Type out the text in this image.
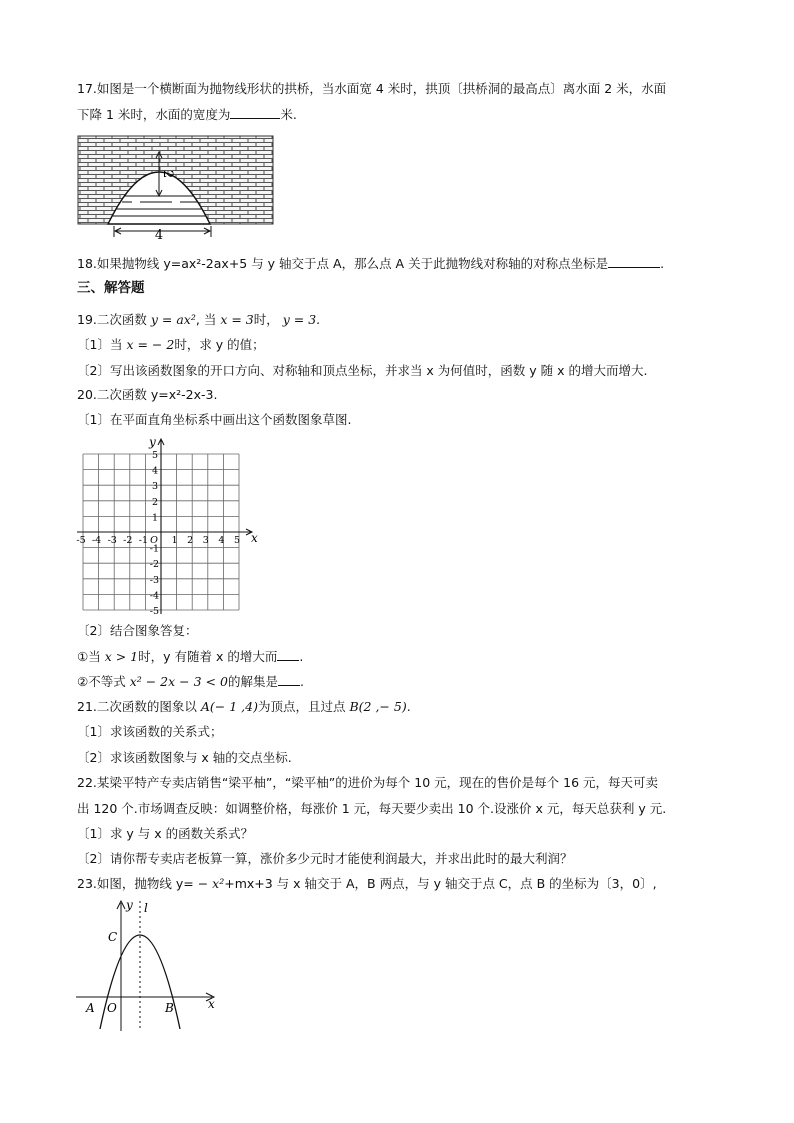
17.如图是一个横断面为抛物线形状的拱桥，当水面宽 4 米时，拱顶〔拱桥洞的最高点〕离水面 2 米，水面
下降 1 米时，水面的宽度为	米.
2
4
18.如果抛物线 y=ax²-2ax+5 与 y 轴交于点 A，那么点 A 关于此抛物线对称轴的对称点坐标是	.
三、解答题
19.二次函数 y = ax², 当 x = 3时， y = 3.
〔1〕当 x = − 2时，求 y 的值；
〔2〕写出该函数图象的开口方向、对称轴和顶点坐标，并求当 x 为何值时，函数 y 随 x 的增大而增大.
20.二次函数 y=x²-2x-3.
〔1〕在平面直角坐标系中画出这个函数图象草图.
-5 -4 -3 -2 -1 O 1 2 3 4 5
5
4
3
2
1
-1
-2
-3
-4
-5
x
y
〔2〕结合图象答复：
①当 x > 1时，y 有随着 x 的增大而 .
②不等式 x² − 2x − 3 < 0的解集是 .
21.二次函数的图象以 A(− 1 ,4)为顶点，且过点 B(2 ,− 5).
〔1〕求该函数的关系式；
〔2〕求该函数图象与 x 轴的交点坐标.
22.某梁平特产专卖店销售“梁平柚”，“梁平柚”的进价为每个 10 元，现在的售价是每个 16 元，每天可卖
出 120 个.市场调查反映：如调整价格，每涨价 1 元，每天要少卖出 10 个.设涨价 x 元，每天总获利 y 元.
〔1〕求 y 与 x 的函数关系式？
〔2〕请你帮专卖店老板算一算，涨价多少元时才能使利润最大，并求出此时的最大利润？
23.如图，抛物线 y= − x²+mx+3 与 x 轴交于 A，B 两点，与 y 轴交于点 C，点 B 的坐标为〔3，0〕,
y l
C
A O	B	x
